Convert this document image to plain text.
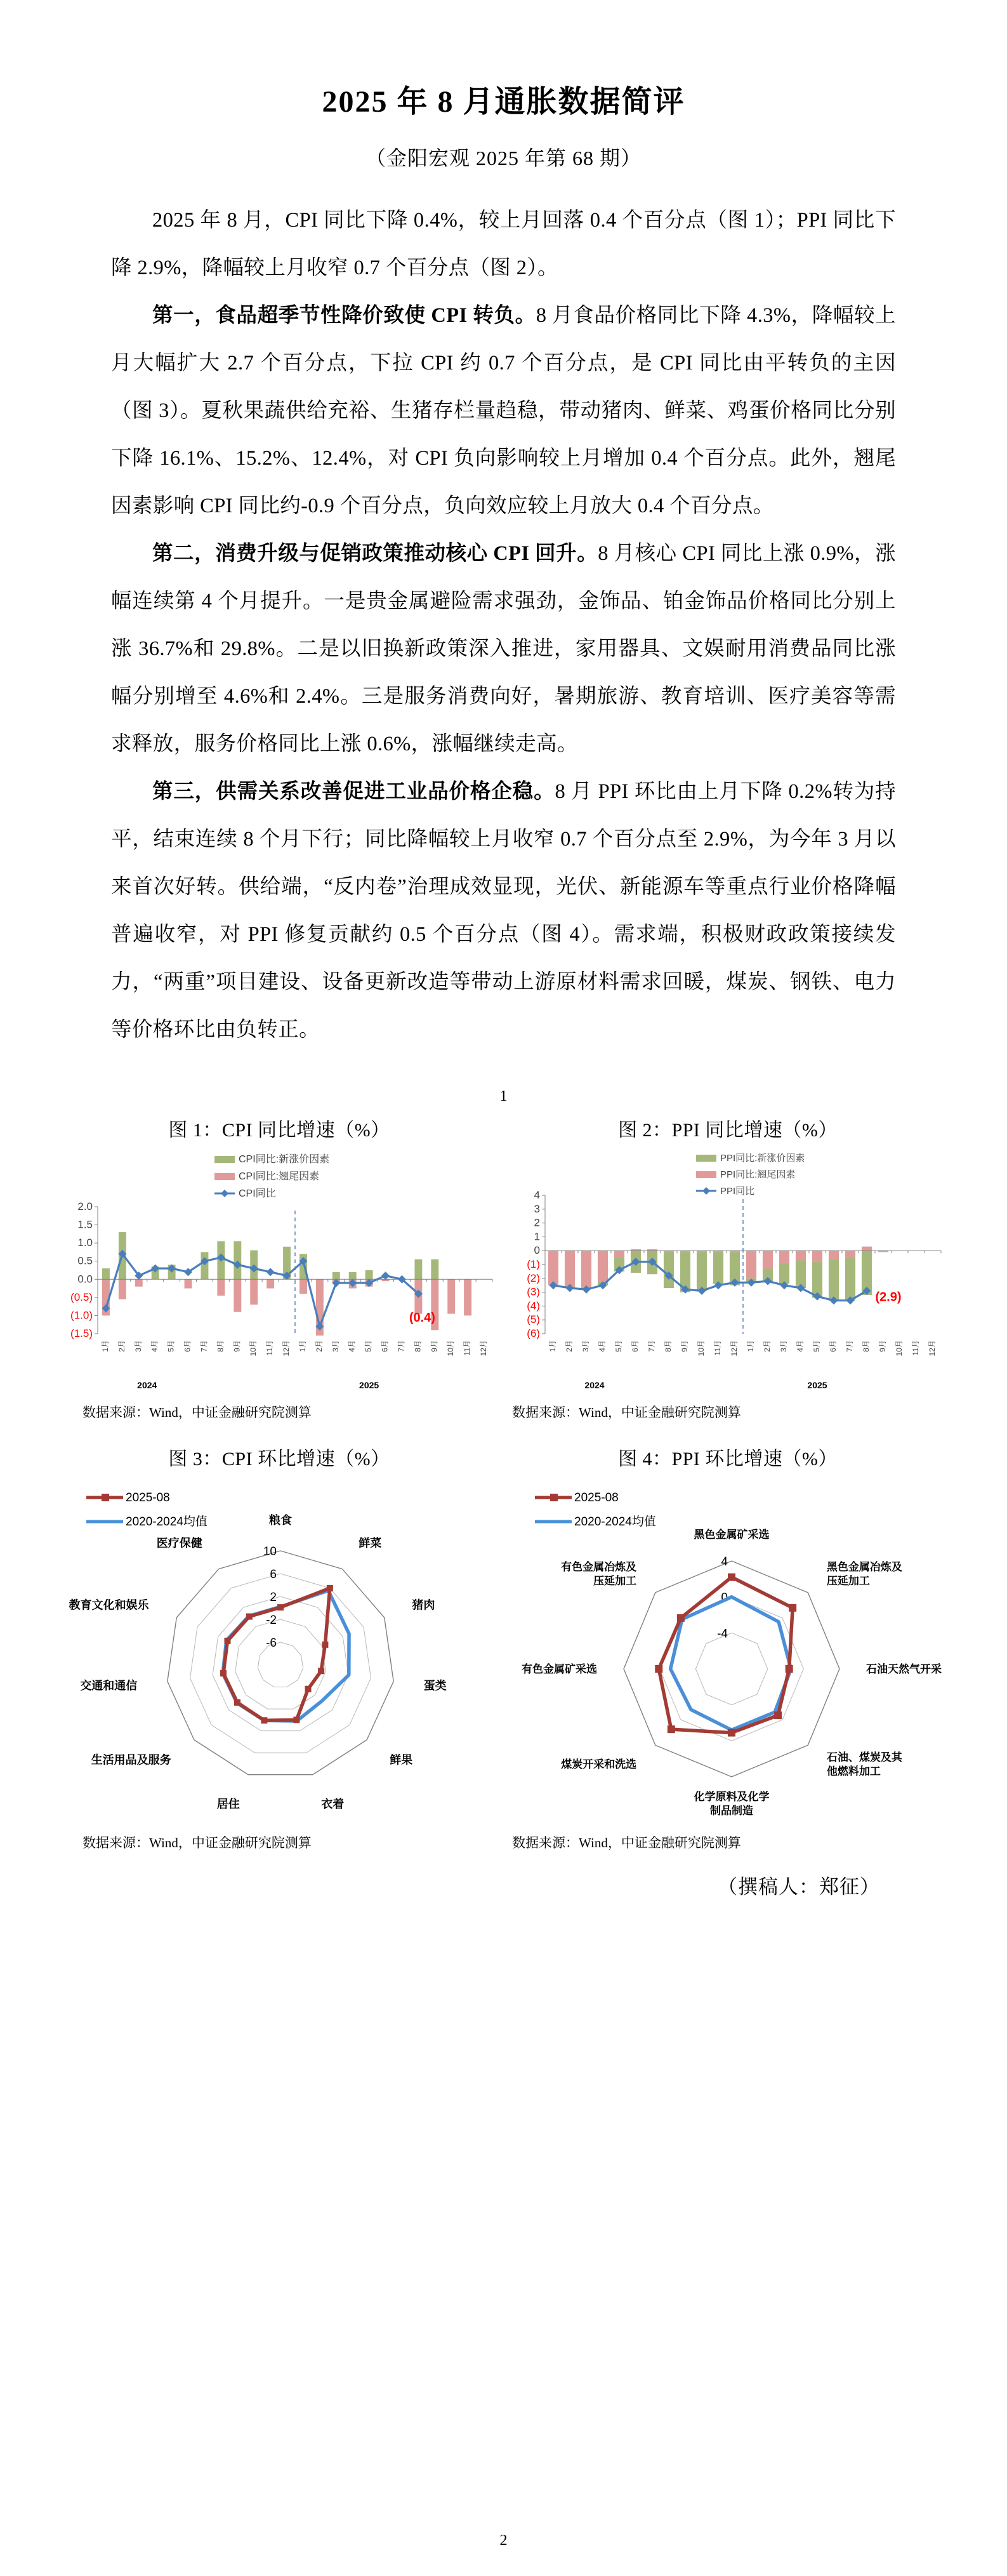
2025 年 8 月通胀数据简评
（金阳宏观 2025 年第 68 期）

2025 年 8 月，CPI 同比下降 0.4%，较上月回落 0.4 个百分点（图 1）；PPI 同比下降 2.9%，降幅较上月收窄 0.7 个百分点（图 2）。

第一，食品超季节性降价致使 CPI 转负。8 月食品价格同比下降 4.3%，降幅较上月大幅扩大 2.7 个百分点，下拉 CPI 约 0.7 个百分点，是 CPI 同比由平转负的主因（图 3）。夏秋果蔬供给充裕、生猪存栏量趋稳，带动猪肉、鲜菜、鸡蛋价格同比分别下降 16.1%、15.2%、12.4%，对 CPI 负向影响较上月增加 0.4 个百分点。此外，翘尾因素影响 CPI 同比约-0.9 个百分点，负向效应较上月放大 0.4 个百分点。

第二，消费升级与促销政策推动核心 CPI 回升。8 月核心 CPI 同比上涨 0.9%，涨幅连续第 4 个月提升。一是贵金属避险需求强劲，金饰品、铂金饰品价格同比分别上涨 36.7%和 29.8%。二是以旧换新政策深入推进，家用器具、文娱耐用消费品同比涨幅分别增至 4.6%和 2.4%。三是服务消费向好，暑期旅游、教育培训、医疗美容等需求释放，服务价格同比上涨 0.6%，涨幅继续走高。

第三，供需关系改善促进工业品价格企稳。8 月 PPI 环比由上月下降 0.2%转为持平，结束连续 8 个月下行；同比降幅较上月收窄 0.7 个百分点至 2.9%，为今年 3 月以来首次好转。供给端，“反内卷”治理成效显现，光伏、新能源车等重点行业价格降幅普遍收窄，对 PPI 修复贡献约 0.5 个百分点（图 4）。需求端，积极财政政策接续发力，“两重”项目建设、设备更新改造等带动上游原材料需求回暖，煤炭、钢铁、电力等价格环比由负转正。

1
图 1：CPI 同比增速（%）
CPI同比:新涨价因素
CPI同比:翘尾因素
CPI同比
2.0
1.5
1.0
0.5
0.0
(0.5)
(1.0)
(1.5)
(0.4)
1月 2月 3月 4月 5月 6月 7月 8月 9月 10月 11月 12月 1月 2月 3月 4月 5月 6月 7月 8月 9月 10月 11月 12月
2024	2025
数据来源：Wind，中证金融研究院测算
图 2：PPI 同比增速（%）
PPI同比:新涨价因素
PPI同比:翘尾因素
PPI同比
4
3
2
1
0
(1)
(2)
(3)
(4)
(5)
(6)
(2.9)
1月 2月 3月 4月 5月 6月 7月 8月 9月 10月 11月 12月 1月 2月 3月 4月 5月 6月 7月 8月 9月 10月 11月 12月
2024	2025
数据来源：Wind，中证金融研究院测算
图 3：CPI 环比增速（%）
2025-08
2020-2024均值
10
6
2
-2
-6
粮食
鲜菜
猪肉
蛋类
鲜果
衣着
居住
生活用品及服务
交通和通信
教育文化和娱乐
医疗保健
数据来源：Wind，中证金融研究院测算
图 4：PPI 环比增速（%）
2025-08
2020-2024均值
4
0
-4
黑色金属矿采选
黑色金属冶炼及
压延加工
石油天然气开采
石油、煤炭及其
他燃料加工
化学原料及化学
制品制造
煤炭开采和洗选
有色金属矿采选
有色金属冶炼及
压延加工
数据来源：Wind，中证金融研究院测算
（撰稿人：郑征）
2
